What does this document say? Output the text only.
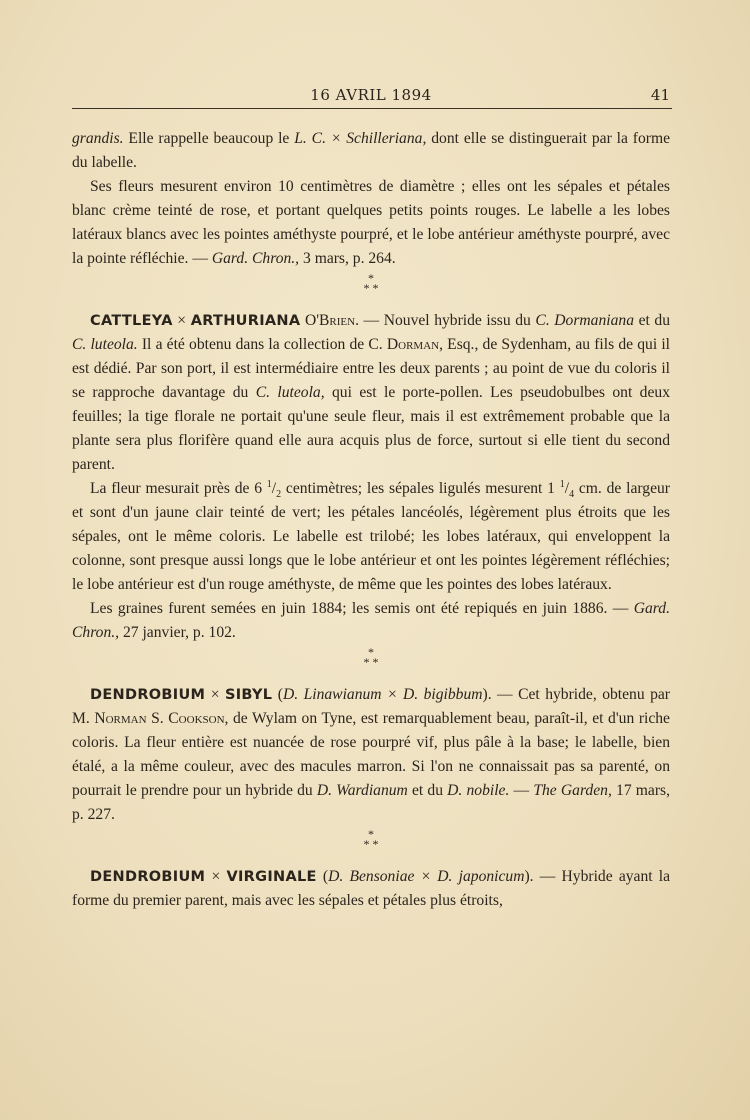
16 AVRIL 1894	41

grandis. Elle rappelle beaucoup le L. C. × Schilleriana, dont elle se distinguerait par la forme du labelle.

Ses fleurs mesurent environ 10 centimètres de diamètre ; elles ont les sépales et pétales blanc crème teinté de rose, et portant quelques petits points rouges. Le labelle a les lobes latéraux blancs avec les pointes améthyste pourpré, et le lobe antérieur améthyste pourpré, avec la pointe réfléchie. — Gard. Chron., 3 mars, p. 264.

*
* *

CATTLEYA × ARTHURIANA O'Brien. — Nouvel hybride issu du C. Dormaniana et du C. luteola. Il a été obtenu dans la collection de C. Dorman, Esq., de Sydenham, au fils de qui il est dédié. Par son port, il est intermédiaire entre les deux parents ; au point de vue du coloris il se rapproche davantage du C. luteola, qui est le porte-pollen. Les pseudobulbes ont deux feuilles; la tige florale ne portait qu'une seule fleur, mais il est extrêmement probable que la plante sera plus florifère quand elle aura acquis plus de force, surtout si elle tient du second parent.

La fleur mesurait près de 6 $^1/_2$ centimètres; les sépales ligulés mesurent 1 $^1/_4$ cm. de largeur et sont d'un jaune clair teinté de vert; les pétales lancéolés, légèrement plus étroits que les sépales, ont le même coloris. Le labelle est trilobé; les lobes latéraux, qui enveloppent la colonne, sont presque aussi longs que le lobe antérieur et ont les pointes légèrement réfléchies; le lobe antérieur est d'un rouge améthyste, de même que les pointes des lobes latéraux.

Les graines furent semées en juin 1884; les semis ont été repiqués en juin 1886. — Gard. Chron., 27 janvier, p. 102.

*
* *

DENDROBIUM × SIBYL (D. Linawianum × D. bigibbum). — Cet hybride, obtenu par M. Norman S. Cookson, de Wylam on Tyne, est remarquablement beau, paraît-il, et d'un riche coloris. La fleur entière est nuancée de rose pourpré vif, plus pâle à la base; le labelle, bien étalé, a la même couleur, avec des macules marron. Si l'on ne connaissait pas sa parenté, on pourrait le prendre pour un hybride du D. Wardianum et du D. nobile. — The Garden, 17 mars, p. 227.

*
* *

DENDROBIUM × VIRGINALE (D. Bensoniae × D. japonicum). — Hybride ayant la forme du premier parent, mais avec les sépales et pétales plus étroits,
